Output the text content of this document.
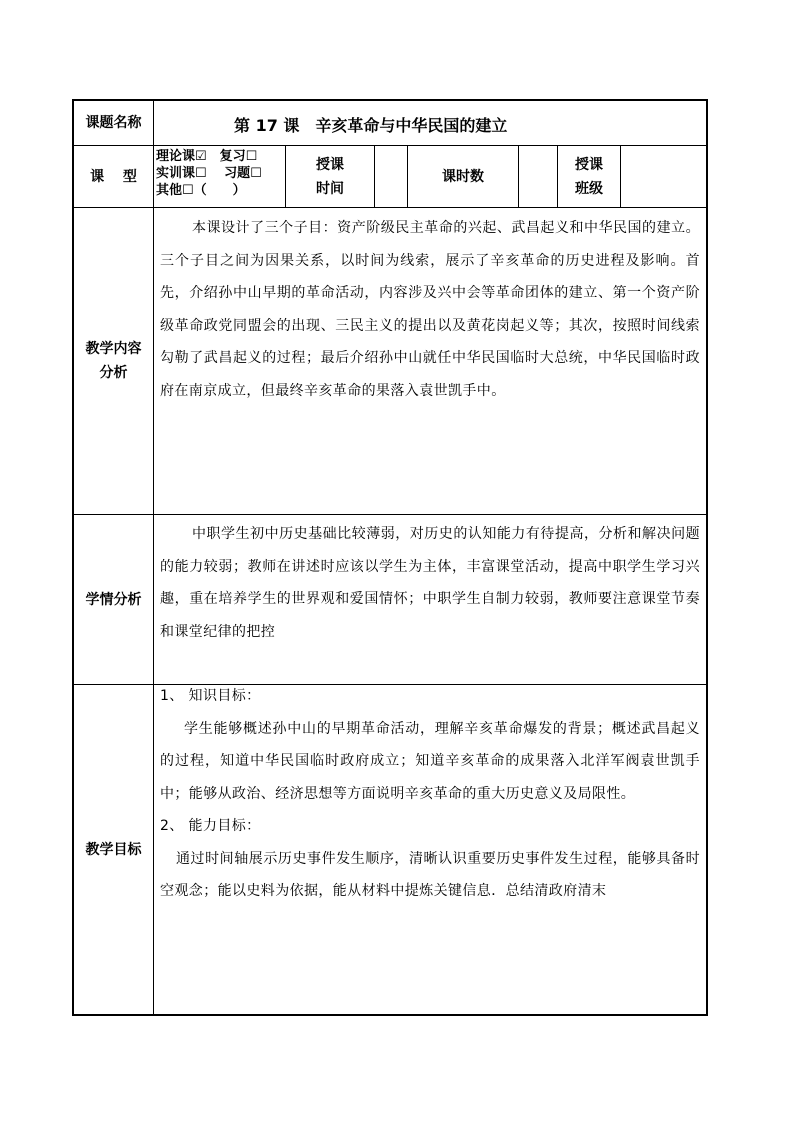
课题名称	第 17 课　辛亥革命与中华民国的建立
课　 型
理论课☑　复习☐
实训课☐　 习题☐
其他☐（　　）
授课
时间
课时数
授课
班级
教学内容
分析
本课设计了三个子目：资产阶级民主革命的兴起、武昌起义和中华民国的建立。三个子目之间为因果关系，以时间为线索，展示了辛亥革命的历史进程及影响。首先，介绍孙中山早期的革命活动，内容涉及兴中会等革命团体的建立、第一个资产阶级革命政党同盟会的出现、三民主义的提出以及黄花岗起义等；其次，按照时间线索勾勒了武昌起义的过程；最后介绍孙中山就任中华民国临时大总统，中华民国临时政府在南京成立，但最终辛亥革命的果落入袁世凯手中。
学情分析
中职学生初中历史基础比较薄弱，对历史的认知能力有待提高，分析和解决问题的能力较弱；教师在讲述时应该以学生为主体，丰富课堂活动，提高中职学生学习兴趣，重在培养学生的世界观和爱国情怀；中职学生自制力较弱，教师要注意课堂节奏和课堂纪律的把控
教学目标
1、 知识目标：
学生能够概述孙中山的早期革命活动，理解辛亥革命爆发的背景；概述武昌起义的过程，知道中华民国临时政府成立；知道辛亥革命的成果落入北洋军阀袁世凯手中；能够从政治、经济思想等方面说明辛亥革命的重大历史意义及局限性。
2、 能力目标：
通过时间轴展示历史事件发生顺序，清晰认识重要历史事件发生过程，能够具备时空观念；能以史料为依据，能从材料中提炼关键信息．总结清政府清末
